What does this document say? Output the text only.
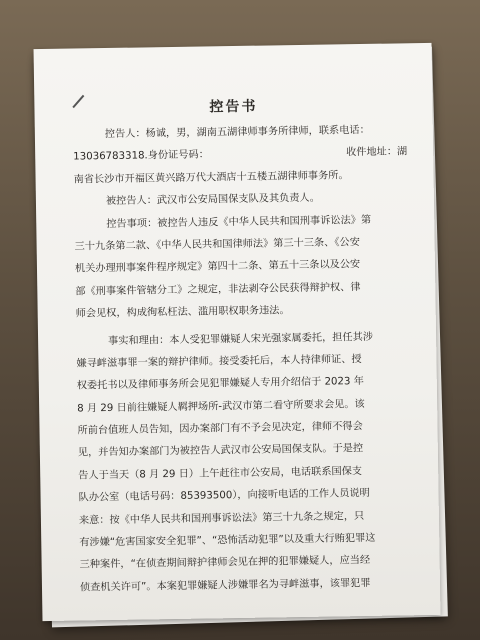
控告书
控告人：杨诚，男，湖南五湖律师事务所律师，联系电话：
13036783318.身份证号码：	收件地址：湖
南省长沙市开福区黄兴路万代大酒店十五楼五湖律师事务所。
被控告人：武汉市公安局国保支队及其负责人。
控告事项：被控告人违反《中华人民共和国刑事诉讼法》第
三十九条第二款、《中华人民共和国律师法》第三十三条、《公安
机关办理刑事案件程序规定》第四十二条、第五十三条以及公安
部《刑事案件管辖分工》之规定，非法剥夺公民获得辩护权、律
师会见权，构成徇私枉法、滥用职权职务违法。
事实和理由：本人受犯罪嫌疑人宋光强家属委托，担任其涉
嫌寻衅滋事罪一案的辩护律师。接受委托后，本人持律师证、授
权委托书以及律师事务所会见犯罪嫌疑人专用介绍信于 2023 年
8 月 29 日前往嫌疑人羁押场所-武汉市第二看守所要求会见。该
所前台值班人员告知，因办案部门有不予会见决定，律师不得会
见，并告知办案部门为被控告人武汉市公安局国保支队。于是控
告人于当天（8 月 29 日）上午赶往市公安局，电话联系国保支
队办公室（电话号码：85393500），向接听电话的工作人员说明
来意：按《中华人民共和国刑事诉讼法》第三十九条之规定，只
有涉嫌“危害国家安全犯罪”、“恐怖活动犯罪”以及重大行贿犯罪这
三种案件，“在侦查期间辩护律师会见在押的犯罪嫌疑人，应当经
侦查机关许可”。本案犯罪嫌疑人涉嫌罪名为寻衅滋事，该罪犯罪
